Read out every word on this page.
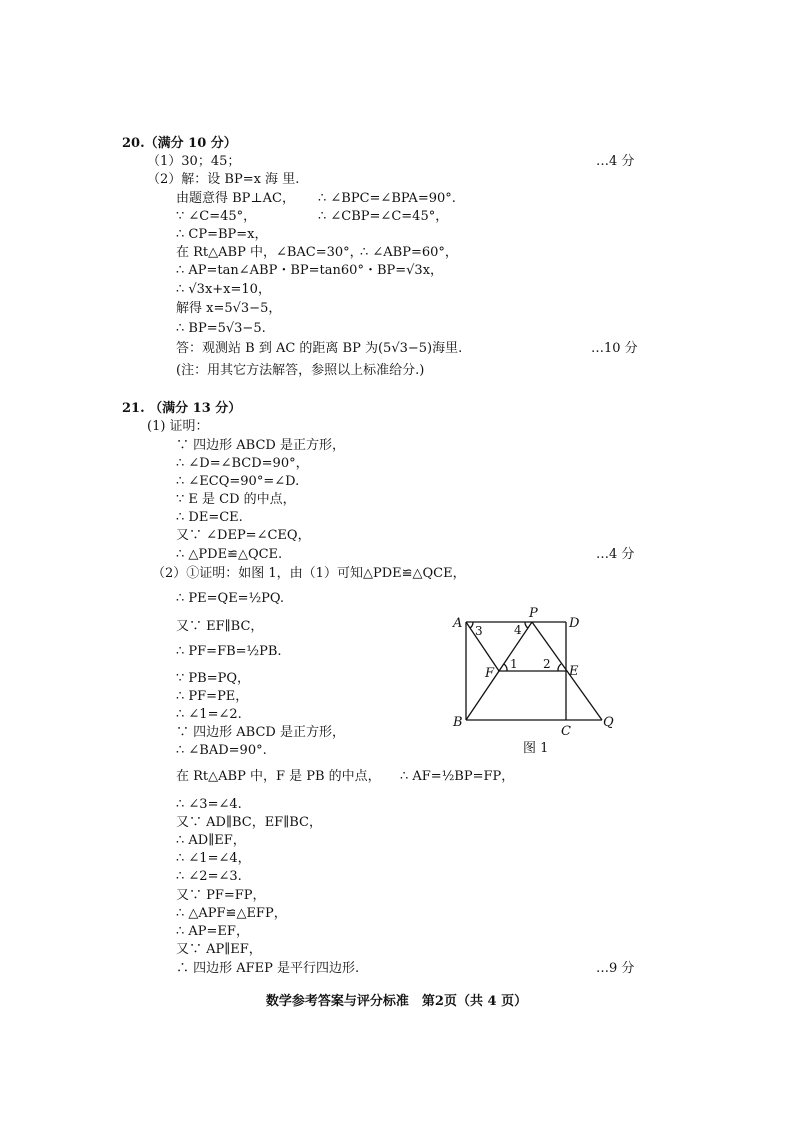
20.（满分 10 分）
（1）30；45；	…4 分
（2）解：设 BP=x 海 里.
由题意得 BP⊥AC， ∴ ∠BPC=∠BPA=90°.
∵ ∠C=45°，	∴ ∠CBP=∠C=45°，
∴ CP=BP=x，
在 Rt△ABP 中，∠BAC=30°，
∴ ∠ABP=60°，
∴ AP=tan∠ABP・BP=tan60°・BP=√3x，
∴ √3x+x=10，
解得 x=5√3−5，
∴ BP=5√3−5.
答：观测站 B 到 AC 的距离 BP 为(5√3−5)海里.	…10 分
(注：用其它方法解答，参照以上标准给分.)
21. （满分 13 分）
(1) 证明：
∵ 四边形 ABCD 是正方形，
∴ ∠D=∠BCD=90°，
∴ ∠ECQ=90°=∠D.
∵ E 是 CD 的中点，
∴ DE=CE.
又∵ ∠DEP=∠CEQ，
∴ △PDE≌△QCE.	…4 分
（2）①证明：如图 1，由（1）可知△PDE≌△QCE，
∴ PE=QE=½PQ.
又∵ EF∥BC，
∴ PF=FB=½PB.
∵ PB=PQ，
∴ PF=PE，
∴ ∠1=∠2.
∵ 四边形 ABCD 是正方形，
∴ ∠BAD=90°.
在 Rt△ABP 中，F 是 PB 的中点， ∴ AF=½BP=FP，
∴ ∠3=∠4.
又∵ AD∥BC，EF∥BC，
∴ AD∥EF，
∴ ∠1=∠4，
∴ ∠2=∠3.
又∵ PF=FP，
∴ △APF≌△EFP，
∴ AP=EF，
又∵ AP∥EF，
∴ 四边形 AFEP 是平行四边形.	…9 分
A
P
D
F	E
B
C
Q
3	4
1 2
图 1
数学参考答案与评分标准　第2页（共 4 页）
